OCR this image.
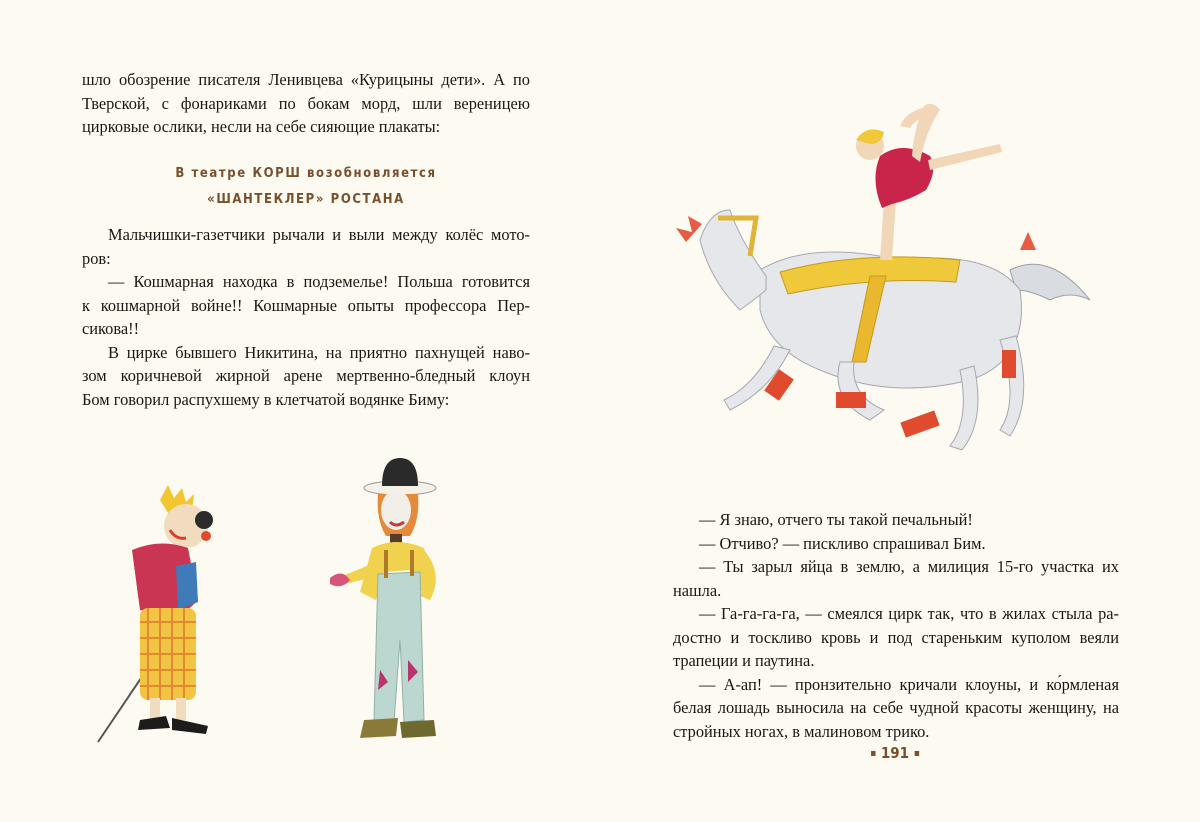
шло обозрение писателя Ленивцева «Курицыны дети». А по
Тверской, с фонариками по бокам морд, шли вереницею
цирковые ослики, несли на себе сияющие плакаты:
В театре КОРШ возобновляется
«ШАНТЕКЛЕР» РОСТАНА
Мальчишки-газетчики рычали и выли между колёс мото-
ров:
— Кошмарная находка в подземелье! Польша готовится
к кошмарной войне!! Кошмарные опыты профессора Пер-
сикова!!
В цирке бывшего Никитина, на приятно пахнущей наво-
зом коричневой жирной арене мертвенно-бледный клоун
Бом говорил распухшему в клетчатой водянке Биму:
— Я знаю, отчего ты такой печальный!
— Отчиво? — пискливо спрашивал Бим.
— Ты зарыл яйца в землю, а милиция 15-го участка их
нашла.
— Га-га-га-га, — смеялся цирк так, что в жилах стыла ра-
достно и тоскливо кровь и под стареньким куполом веяли
трапеции и паутина.
— А-ап! — пронзительно кричали клоуны, и ко́рмленая
белая лошадь выносила на себе чудной красоты женщину, на
стройных ногах, в малиновом трико.
▪ 191 ▪
